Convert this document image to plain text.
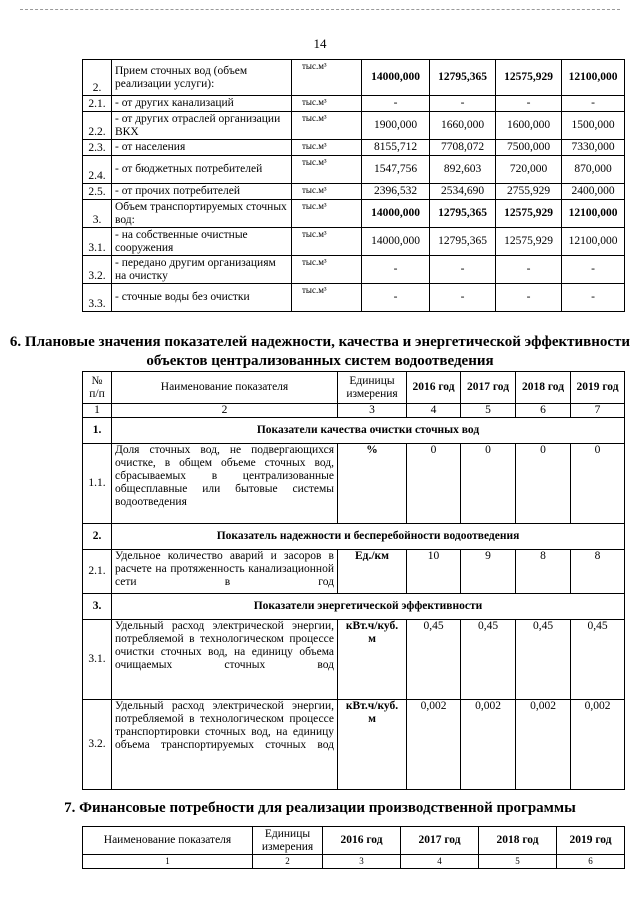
14
2.	Прием сточных вод (объем реализации услуги):	тыс.м³	14000,000	12795,365	12575,929	12100,000
2.1.	- от других канализаций	тыс.м³	-	-	-	-
2.2.	- от других отраслей организации ВКХ	тыс.м³	1900,000	1660,000	1600,000	1500,000
2.3.	- от населения	тыс.м³	8155,712	7708,072	7500,000	7330,000
2.4.	- от бюджетных потребителей	тыс.м³	1547,756	892,603	720,000	870,000
2.5.	- от прочих потребителей	тыс.м³	2396,532	2534,690	2755,929	2400,000
3.	Объем транспортируемых сточных вод:	тыс.м³	14000,000	12795,365	12575,929	12100,000
3.1.	- на собственные очистные сооружения	тыс.м³	14000,000	12795,365	12575,929	12100,000
3.2.	- передано другим организациям на очистку	тыс.м³	-	-	-	-
3.3.	- сточные воды без очистки	тыс.м³	-	-	-	-
6. Плановые значения показателей надежности, качества и энергетической эффективности объектов централизованных систем водоотведения
№ п/п	Наименование показателя	Единицы измерения	2016 год	2017 год	2018 год	2019 год
1	2	3	4	5	6	7
1.	Показатели качества очистки сточных вод					
1.1.	Доля сточных вод, не подвергающихся очистке, в общем объеме сточных вод, сбрасываемых в централизованные общесплавные или бытовые системы водоотведения	%	0	0	0	0
2.	Показатель надежности и бесперебойности водоотведения					
2.1.	Удельное количество аварий и засоров в расчете на протяженность канализационной сети в год	Ед./км	10	9	8	8
3.	Показатели энергетической эффективности					
3.1.	Удельный расход электрической энергии, потребляемой в технологическом процессе очистки сточных вод, на единицу объема очищаемых сточных вод	кВт.ч/куб. м	0,45	0,45	0,45	0,45
3.2.	Удельный расход электрической энергии, потребляемой в технологическом процессе транспортировки сточных вод, на единицу объема транспортируемых сточных вод	кВт.ч/куб. м	0,002	0,002	0,002	0,002
7. Финансовые потребности для реализации производственной программы
Наименование показателя	Единицы измерения	2016 год	2017 год	2018 год	2019 год
1	2	3	4	5	6
